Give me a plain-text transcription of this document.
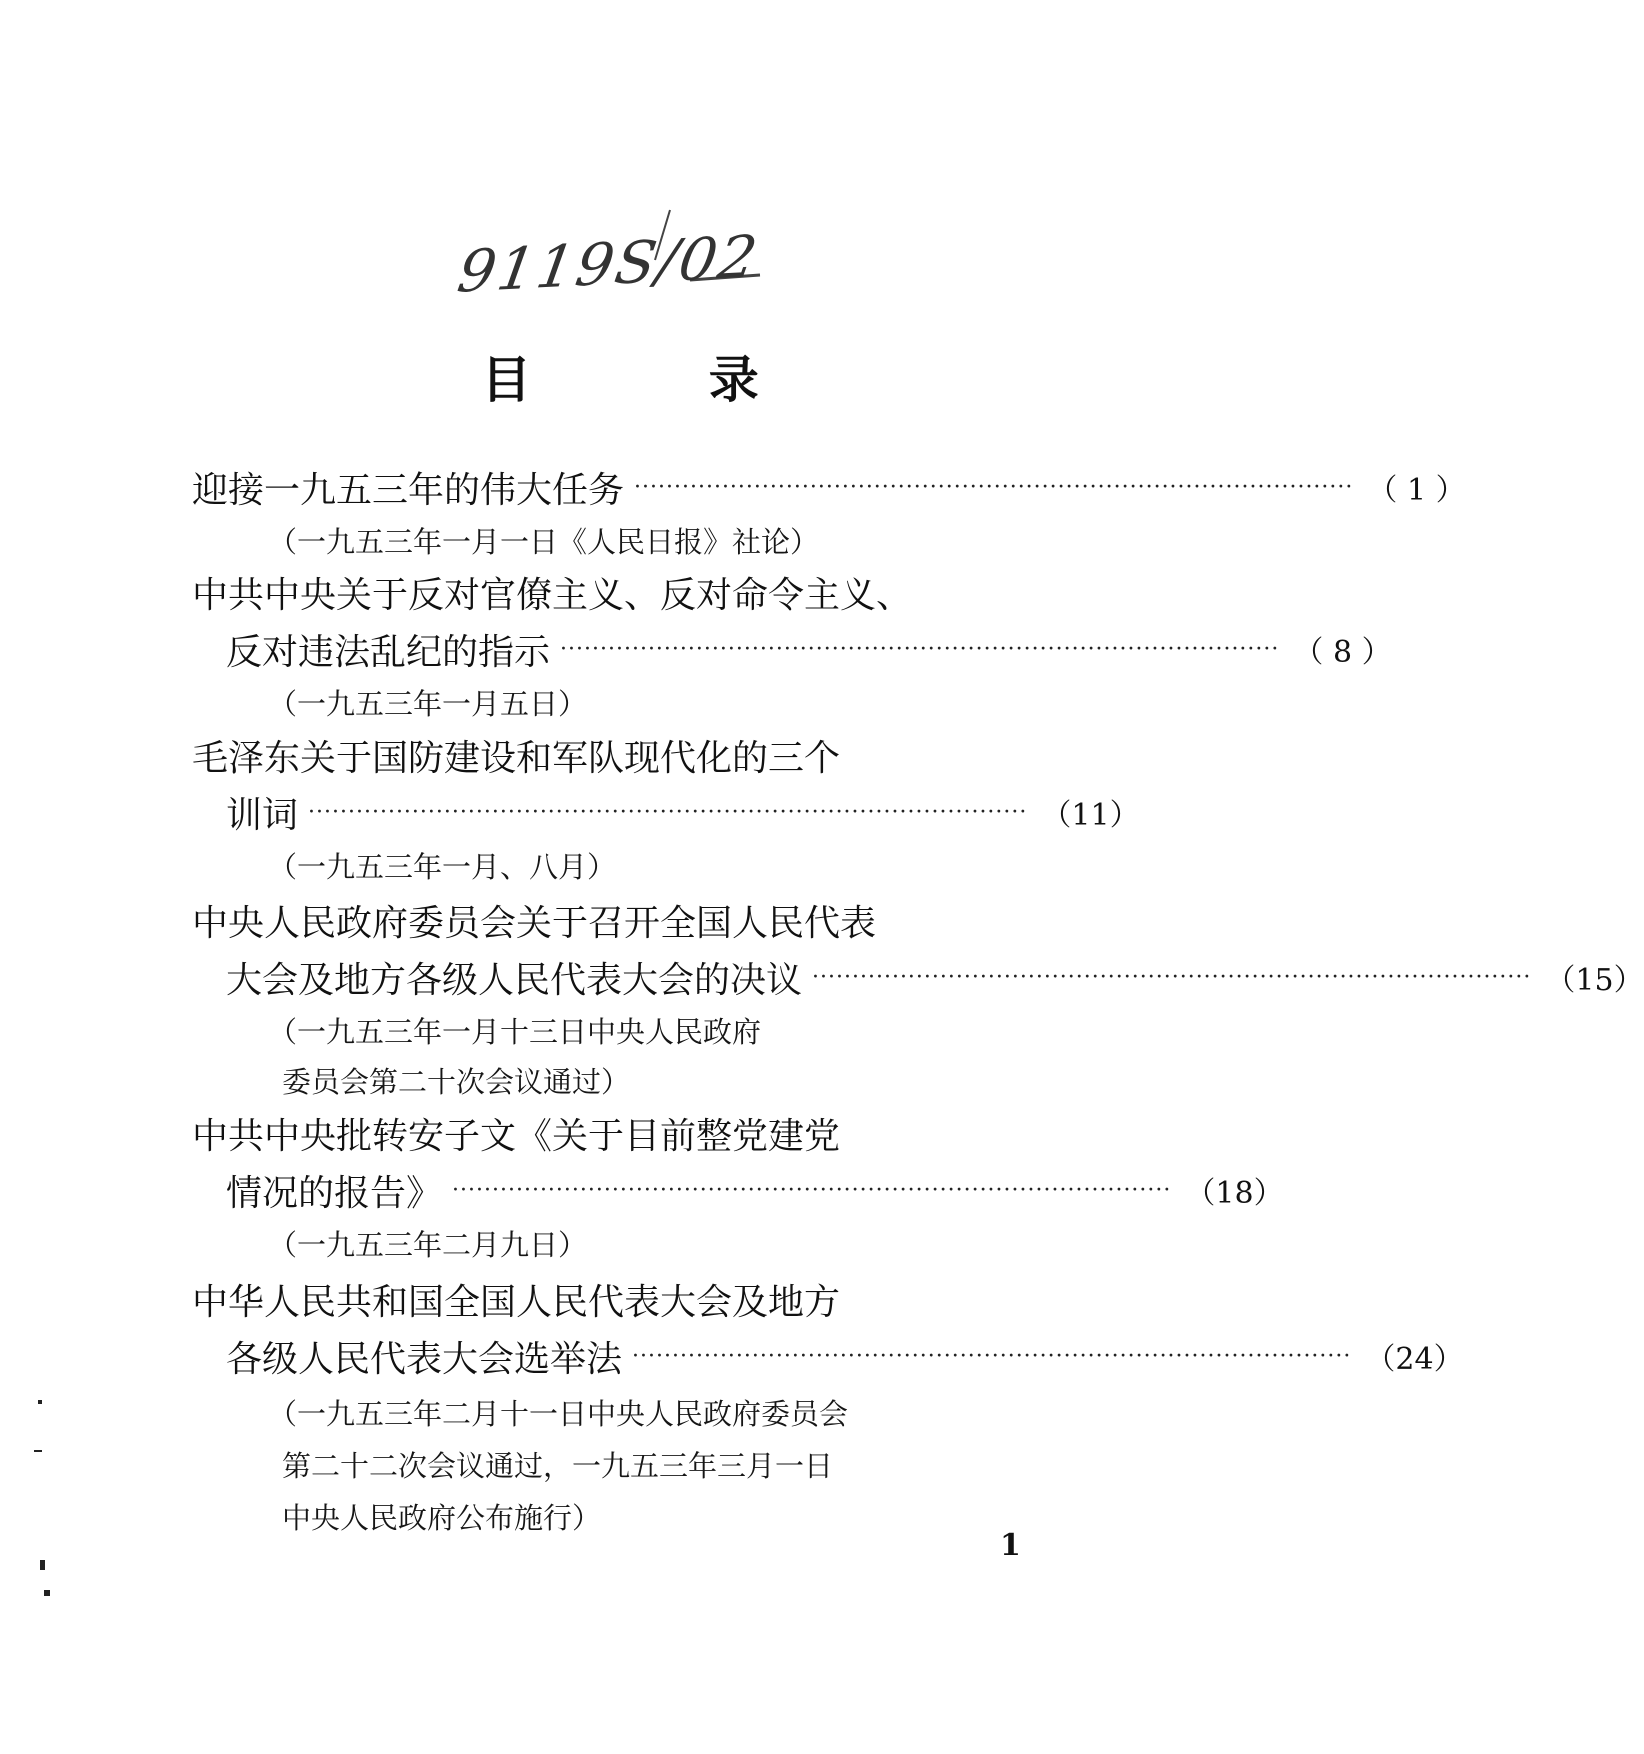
9119S/02
目 录
迎接一九五三年的伟大任务 ·························································································· （ 1 ）
（一九五三年一月一日《人民日报》社论）
中共中央关于反对官僚主义、反对命令主义、
反对违法乱纪的指示 ·························································································· （ 8 ）
（一九五三年一月五日）
毛泽东关于国防建设和军队现代化的三个
训词 ·························································································· （11）
（一九五三年一月、八月）
中央人民政府委员会关于召开全国人民代表
大会及地方各级人民代表大会的决议 ·························································································· （15）
（一九五三年一月十三日中央人民政府
委员会第二十次会议通过）
中共中央批转安子文《关于目前整党建党
情况的报告》 ·························································································· （18）
（一九五三年二月九日）
中华人民共和国全国人民代表大会及地方
各级人民代表大会选举法 ·························································································· （24）
（一九五三年二月十一日中央人民政府委员会
第二十二次会议通过，一九五三年三月一日
中央人民政府公布施行）
1
